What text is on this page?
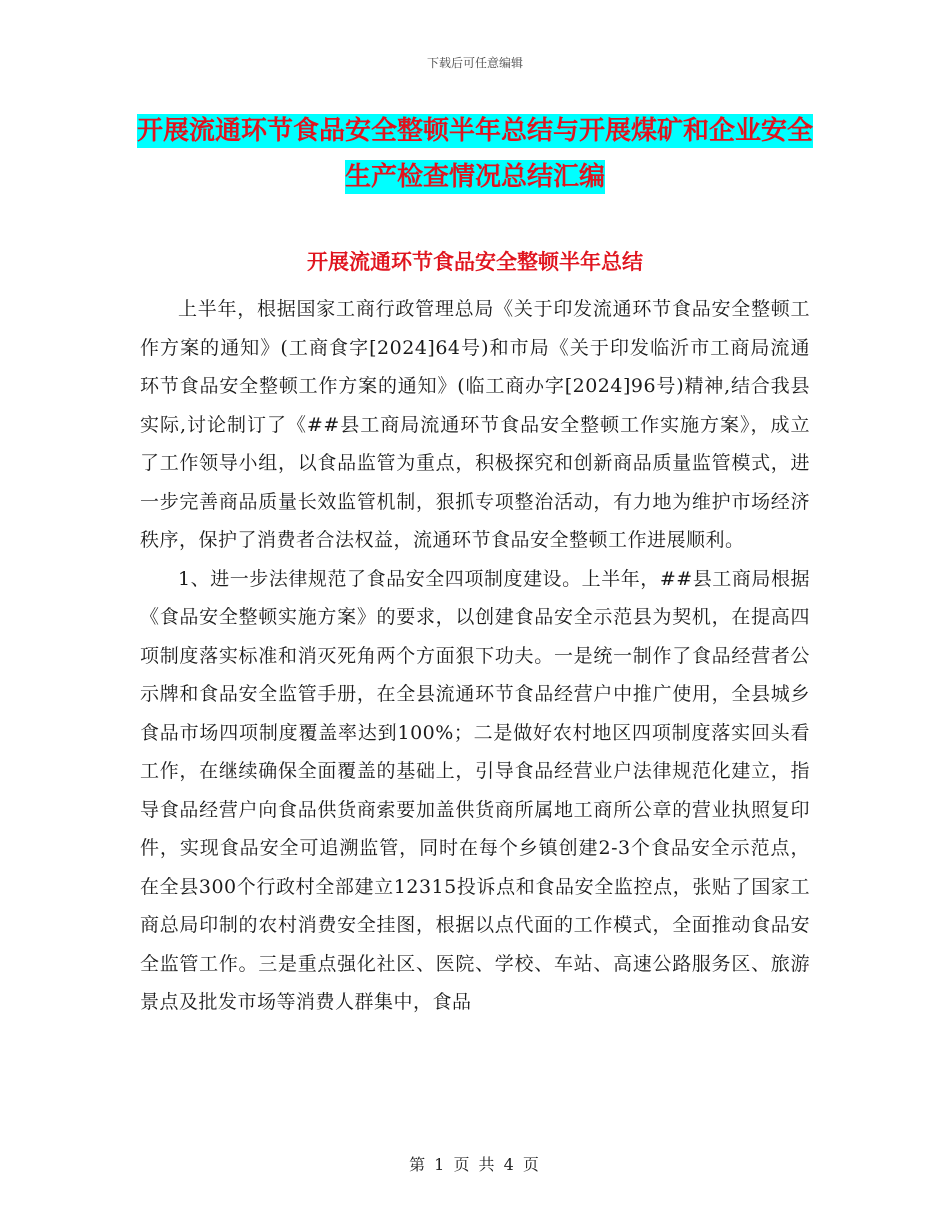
下载后可任意编辑
开展流通环节食品安全整顿半年总结与开展煤矿和企业安全生产检查情况总结汇编
开展流通环节食品安全整顿半年总结

上半年，根据国家工商行政管理总局《关于印发流通环节食品安全整顿工作方案的通知》(工商食字[2024]64号)和市局《关于印发临沂市工商局流通环节食品安全整顿工作方案的通知》(临工商办字[2024]96号)精神,结合我县实际,讨论制订了《##县工商局流通环节食品安全整顿工作实施方案》，成立了工作领导小组，以食品监管为重点，积极探究和创新商品质量监管模式，进一步完善商品质量长效监管机制，狠抓专项整治活动，有力地为维护市场经济秩序，保护了消费者合法权益，流通环节食品安全整顿工作进展顺利。

1、进一步法律规范了食品安全四项制度建设。上半年，##县工商局根据《食品安全整顿实施方案》的要求，以创建食品安全示范县为契机，在提高四项制度落实标准和消灭死角两个方面狠下功夫。一是统一制作了食品经营者公示牌和食品安全监管手册，在全县流通环节食品经营户中推广使用，全县城乡食品市场四项制度覆盖率达到100%；二是做好农村地区四项制度落实回头看工作，在继续确保全面覆盖的基础上，引导食品经营业户法律规范化建立，指导食品经营户向食品供货商索要加盖供货商所属地工商所公章的营业执照复印件，实现食品安全可追溯监管，同时在每个乡镇创建2-3个食品安全示范点，在全县300个行政村全部建立12315投诉点和食品安全监控点，张贴了国家工商总局印制的农村消费安全挂图，根据以点代面的工作模式，全面推动食品安全监管工作。三是重点强化社区、医院、学校、车站、高速公路服务区、旅游景点及批发市场等消费人群集中，食品

第 1 页 共 4 页
